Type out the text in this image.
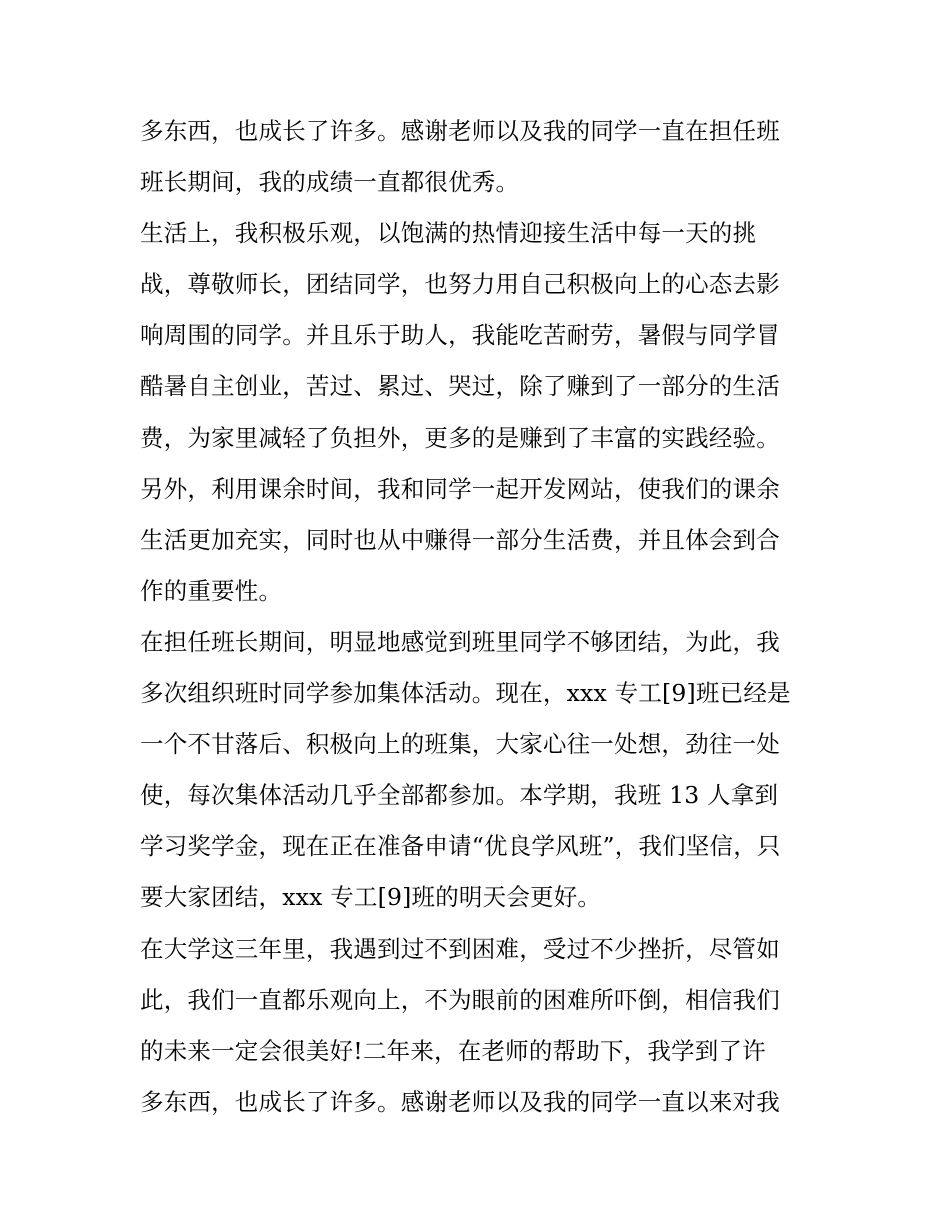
多东西，也成长了许多。感谢老师以及我的同学一直在担任班
班长期间，我的成绩一直都很优秀。
生活上，我积极乐观，以饱满的热情迎接生活中每一天的挑
战，尊敬师长，团结同学，也努力用自己积极向上的心态去影
响周围的同学。并且乐于助人，我能吃苦耐劳，暑假与同学冒
酷暑自主创业，苦过、累过、哭过，除了赚到了一部分的生活
费，为家里减轻了负担外，更多的是赚到了丰富的实践经验。
另外，利用课余时间，我和同学一起开发网站，使我们的课余
生活更加充实，同时也从中赚得一部分生活费，并且体会到合
作的重要性。
在担任班长期间，明显地感觉到班里同学不够团结，为此，我
多次组织班时同学参加集体活动。现在，xxx 专工[9]班已经是
一个不甘落后、积极向上的班集，大家心往一处想，劲往一处
使，每次集体活动几乎全部都参加。本学期，我班 13 人拿到
学习奖学金，现在正在准备申请“优良学风班”，我们坚信，只
要大家团结，xxx 专工[9]班的明天会更好。
在大学这三年里，我遇到过不到困难，受过不少挫折，尽管如
此，我们一直都乐观向上，不为眼前的困难所吓倒，相信我们
的未来一定会很美好!二年来，在老师的帮助下，我学到了许
多东西，也成长了许多。感谢老师以及我的同学一直以来对我
